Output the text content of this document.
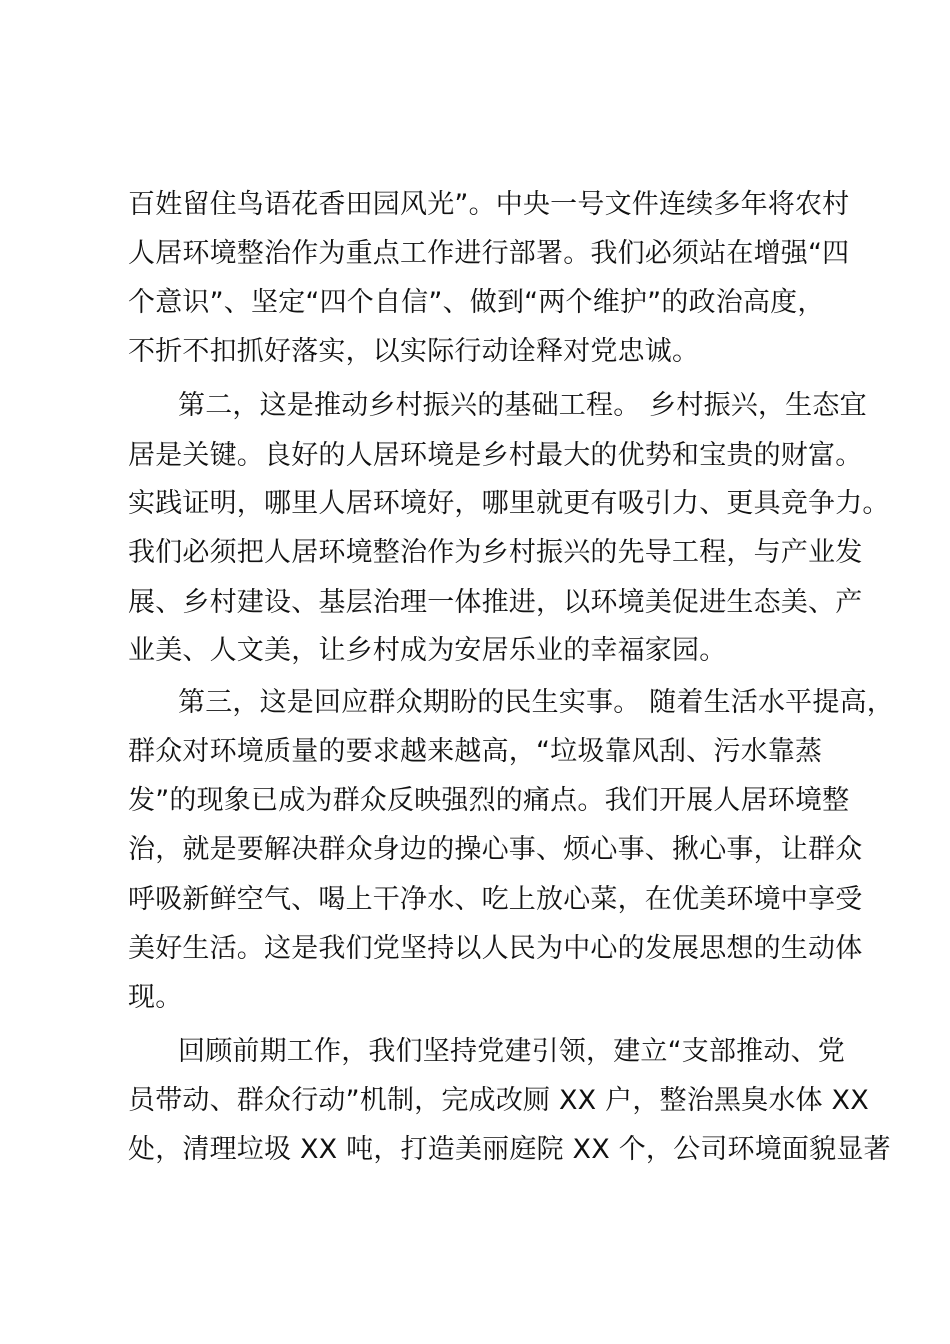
百姓留住鸟语花香田园风光”。中央一号文件连续多年将农村
人居环境整治作为重点工作进行部署。我们必须站在增强“四
个意识”、坚定“四个自信”、做到“两个维护”的政治高度，
不折不扣抓好落实，以实际行动诠释对党忠诚。
第二，这是推动乡村振兴的基础工程。 乡村振兴，生态宜
居是关键。良好的人居环境是乡村最大的优势和宝贵的财富。
实践证明，哪里人居环境好，哪里就更有吸引力、更具竞争力。
我们必须把人居环境整治作为乡村振兴的先导工程，与产业发
展、乡村建设、基层治理一体推进，以环境美促进生态美、产
业美、人文美，让乡村成为安居乐业的幸福家园。
第三，这是回应群众期盼的民生实事。 随着生活水平提高，
群众对环境质量的要求越来越高，“垃圾靠风刮、污水靠蒸
发”的现象已成为群众反映强烈的痛点。我们开展人居环境整
治，就是要解决群众身边的操心事、烦心事、揪心事，让群众
呼吸新鲜空气、喝上干净水、吃上放心菜，在优美环境中享受
美好生活。这是我们党坚持以人民为中心的发展思想的生动体
现。
回顾前期工作，我们坚持党建引领，建立“支部推动、党
员带动、群众行动”机制，完成改厕 XX 户，整治黑臭水体 XX
处，清理垃圾 XX 吨，打造美丽庭院 XX 个，公司环境面貌显著
